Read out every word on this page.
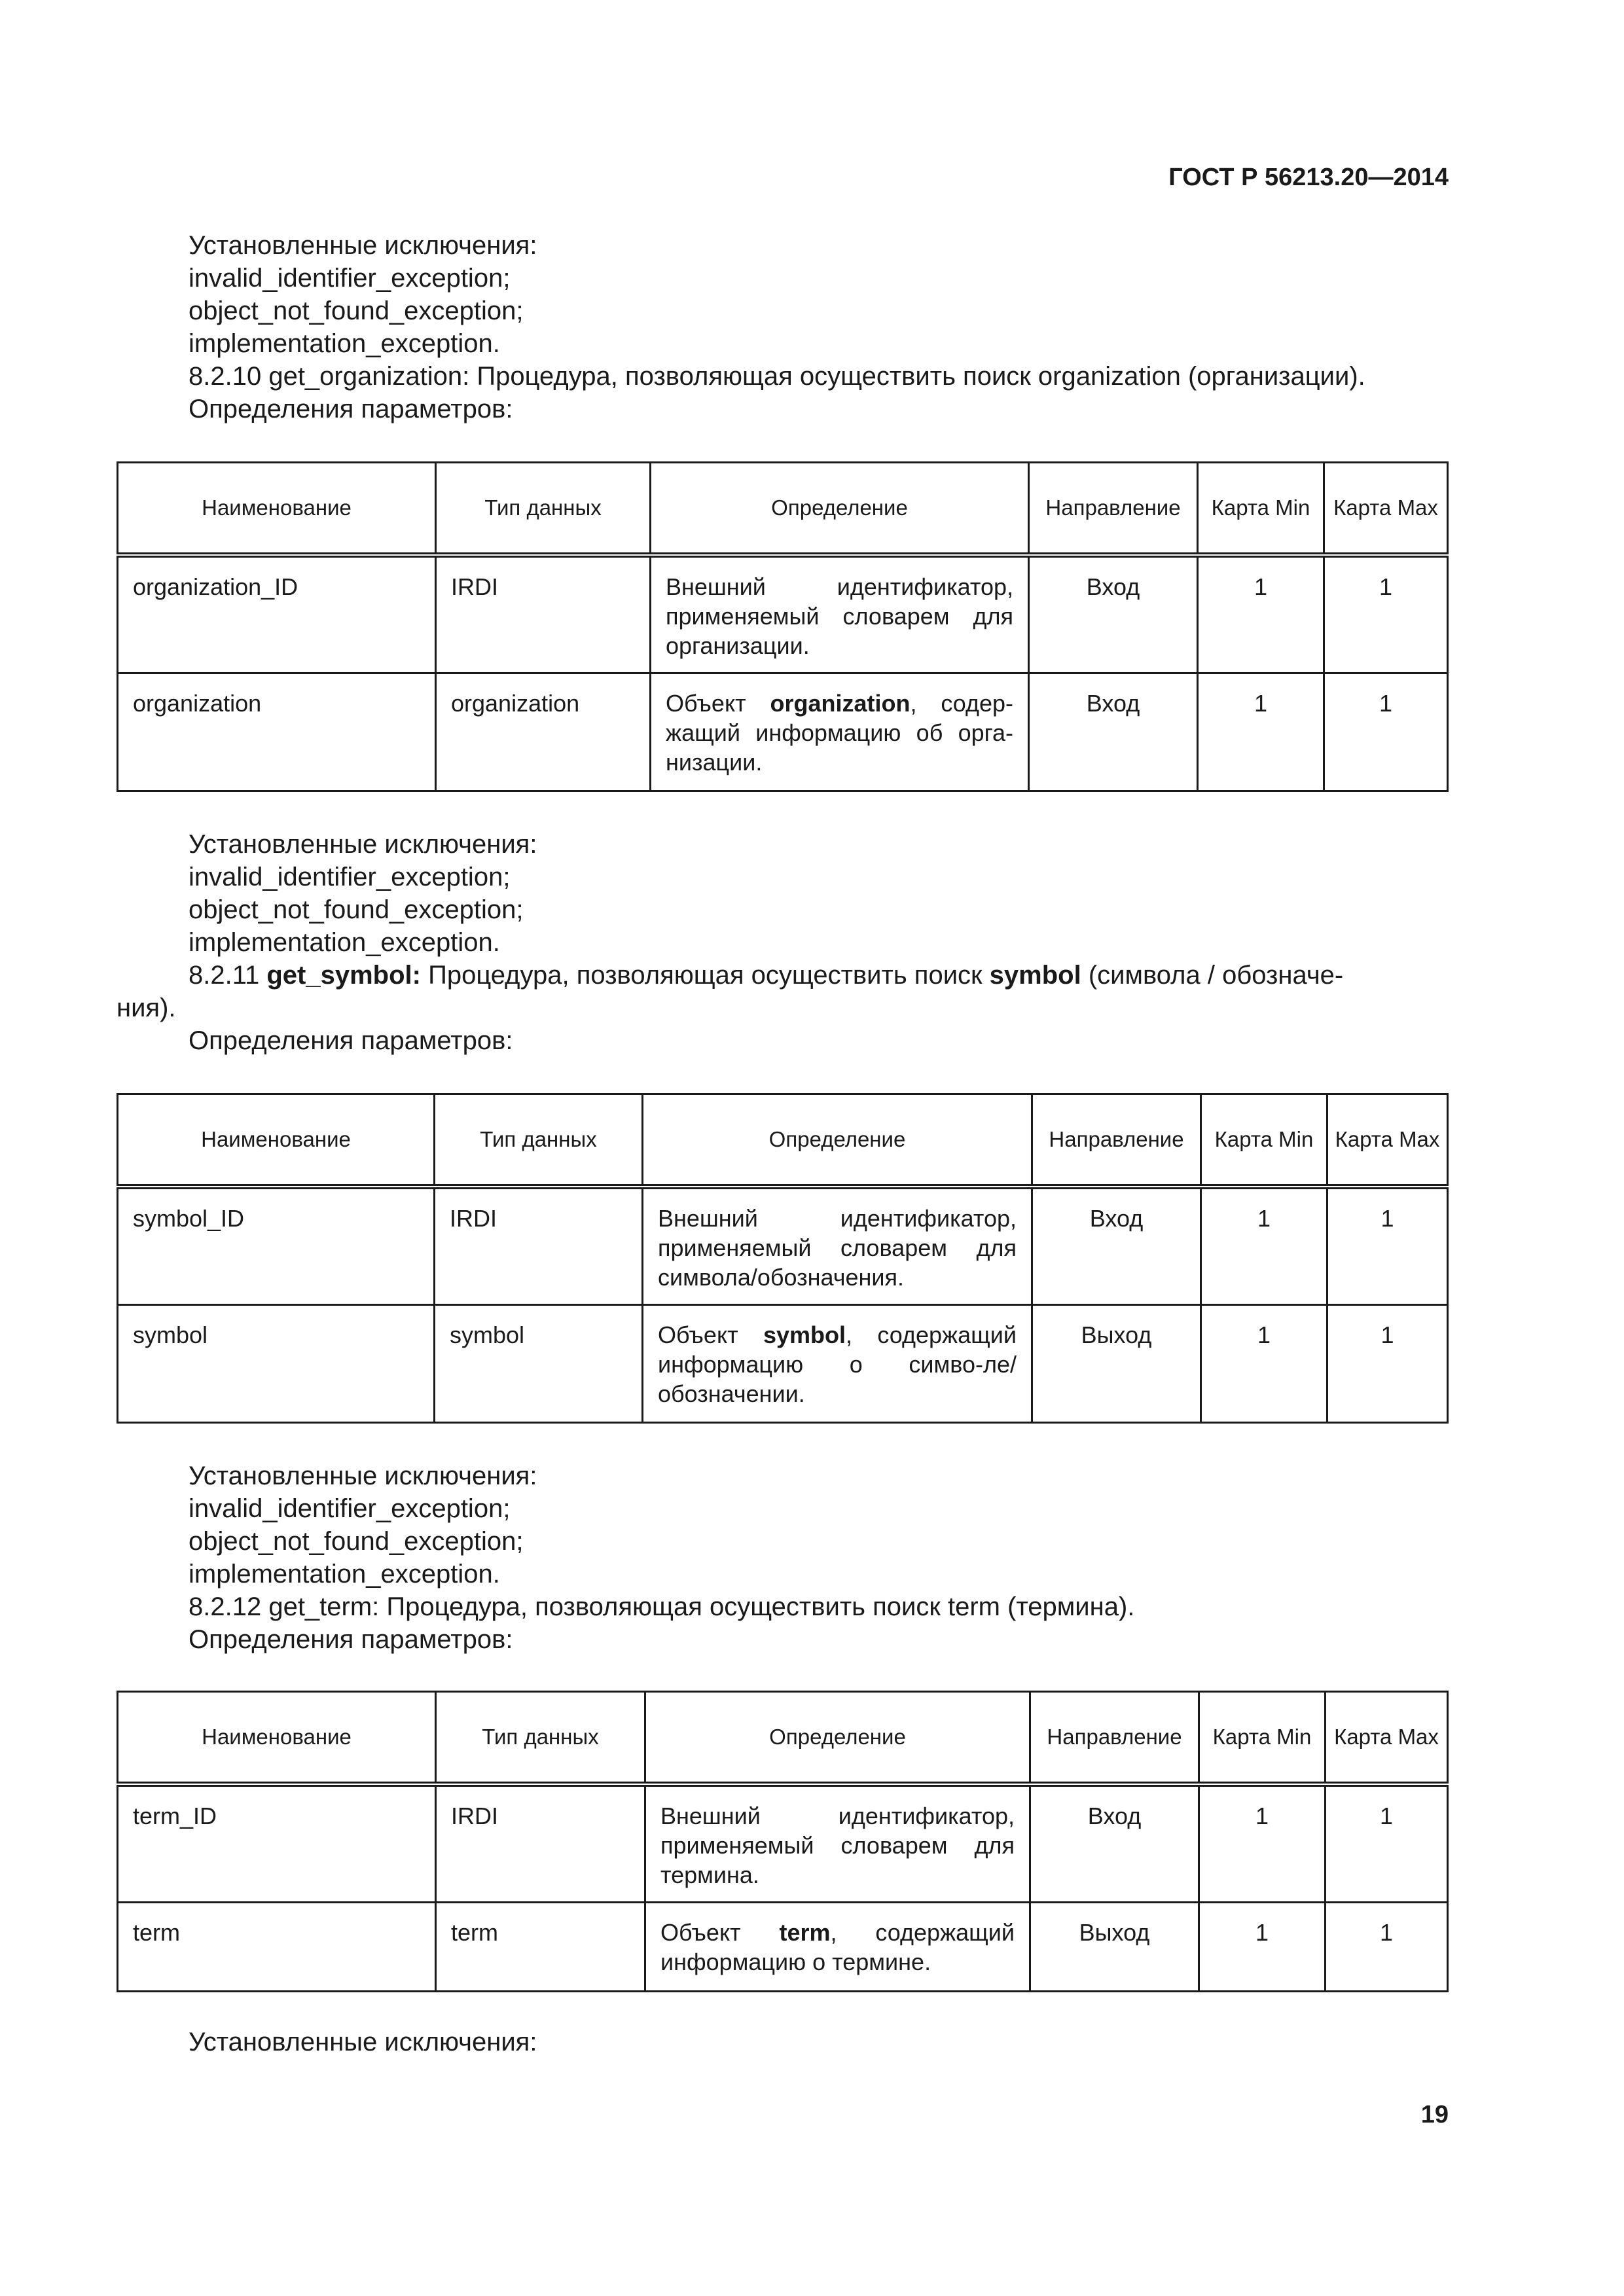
ГОСТ Р 56213.20—2014
Установленные исключения:
invalid_identifier_exception;
object_not_found_exception;
implementation_exception.
8.2.10 get_organization: Процедура, позволяющая осуществить поиск organization (организации).
Определения параметров:
Наименование	Тип данных	Определение	Направление	Карта Min	Карта Max
organization_ID	IRDI	Внешний идентификатор, применяемый словарем для организации.	Вход	1	1
organization	organization	Объект organization, содер-жащий информацию об орга-низации.	Вход	1	1
Установленные исключения:
invalid_identifier_exception;
object_not_found_exception;
implementation_exception.
8.2.11 get_symbol: Процедура, позволяющая осуществить поиск symbol (символа / обозначе-
ния).
Определения параметров:
Наименование	Тип данных	Определение	Направление	Карта Min	Карта Max
symbol_ID	IRDI	Внешний идентификатор, применяемый словарем для символа/обозначения.	Вход	1	1
symbol	symbol	Объект symbol, содержащий информацию о симво-ле/обозначении.	Выход	1	1
Установленные исключения:
invalid_identifier_exception;
object_not_found_exception;
implementation_exception.
8.2.12 get_term: Процедура, позволяющая осуществить поиск term (термина).
Определения параметров:
Наименование	Тип данных	Определение	Направление	Карта Min	Карта Max
term_ID	IRDI	Внешний идентификатор, применяемый словарем для термина.	Вход	1	1
term	term	Объект term, содержащий информацию о термине.	Выход	1	1
Установленные исключения:
19
